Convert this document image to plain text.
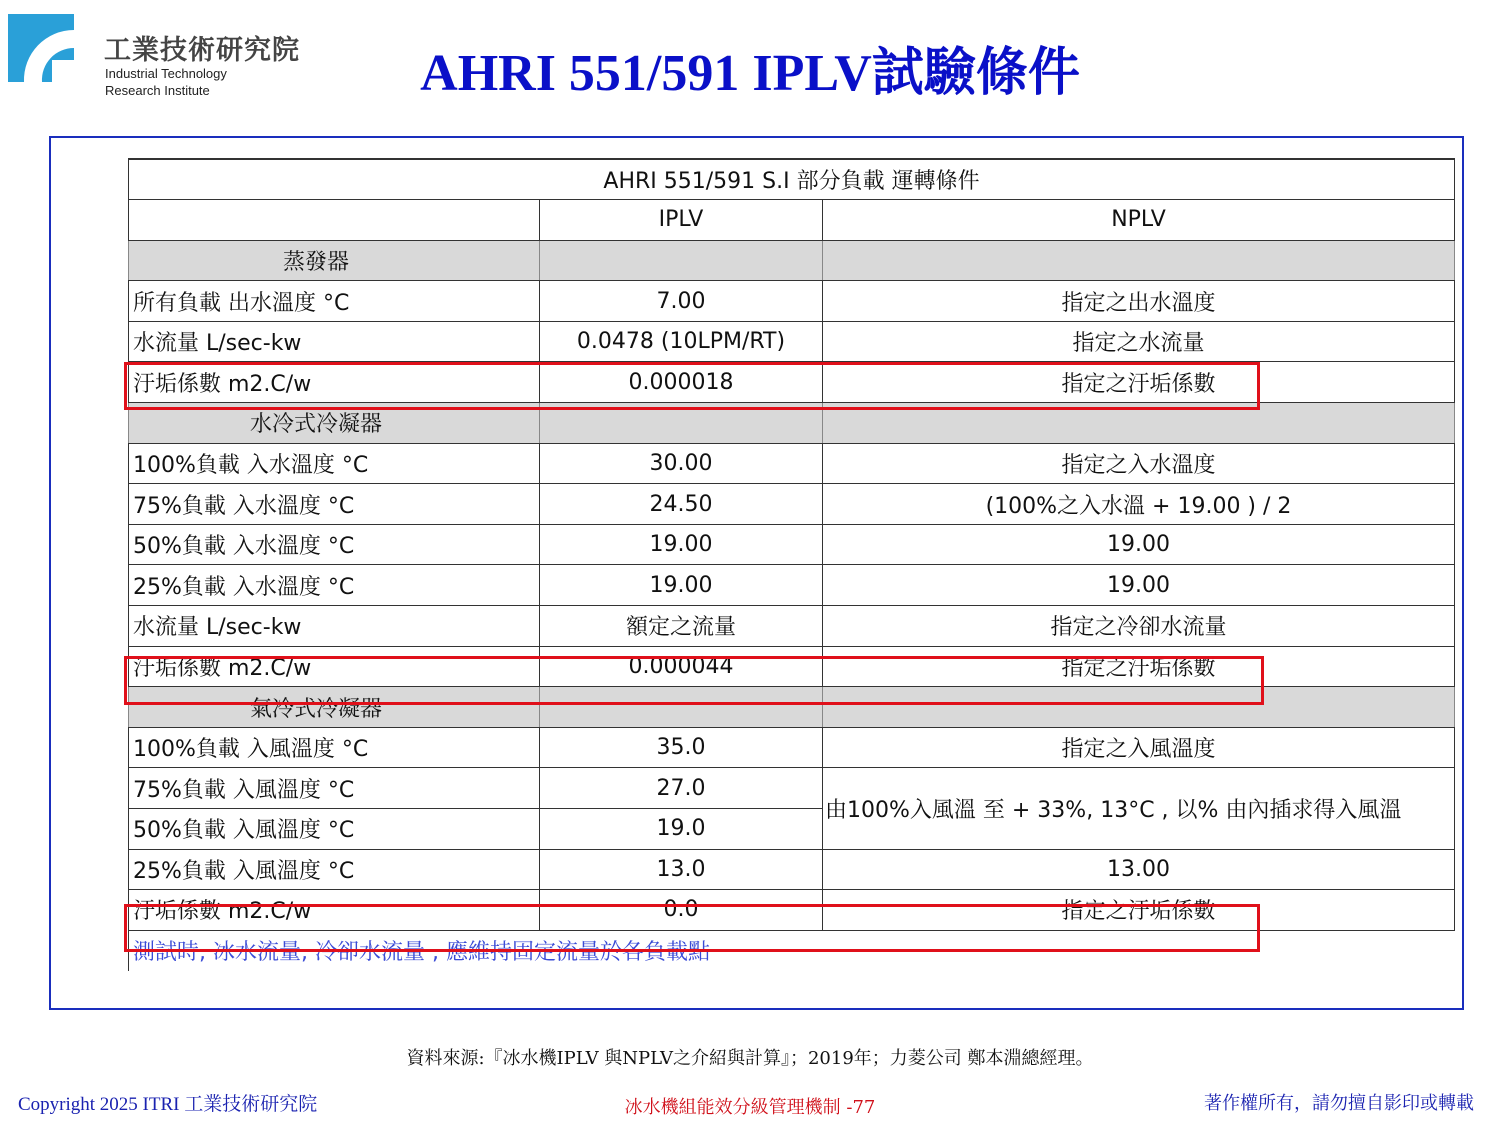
工業技術研究院
Industrial Technology
Research Institute	AHRI 551/591 IPLV試驗條件
AHRI 551/591 S.I 部分負載 運轉條件		
	IPLV	NPLV
蒸發器		
所有負載 出水溫度 °C	7.00	指定之出水溫度
水流量 L/sec-kw	0.0478 (10LPM/RT)	指定之水流量
汙垢係數 m2.C/w	0.000018	指定之汙垢係數
水冷式冷凝器		
100%負載 入水溫度 °C	30.00	指定之入水溫度
75%負載 入水溫度 °C	24.50	(100%之入水溫 + 19.00 ) / 2
50%負載 入水溫度 °C	19.00	19.00
25%負載 入水溫度 °C	19.00	19.00
水流量 L/sec-kw	額定之流量	指定之冷卻水流量
汙垢係數 m2.C/w	0.000044	指定之汙垢係數
氣冷式冷凝器		
100%負載 入風溫度 °C	35.0	指定之入風溫度
75%負載 入風溫度 °C	27.0	由100%入風溫 至 + 33%, 13°C , 以% 由內插求得入風溫
50%負載 入風溫度 °C	19.0	
25%負載 入風溫度 °C	13.0	13.00
汙垢係數 m2.C/w	0.0	指定之汙垢係數
測試時, 冰水流量, 冷卻水流量 , 應維持固定流量於各負載點		
資料來源:『冰水機IPLV 與NPLV之介紹與計算』；2019年；力菱公司 鄭本淵總經理。
Copyright 2025 ITRI 工業技術研究院	冰水機組能效分級管理機制 -77	著作權所有，請勿擅自影印或轉載
